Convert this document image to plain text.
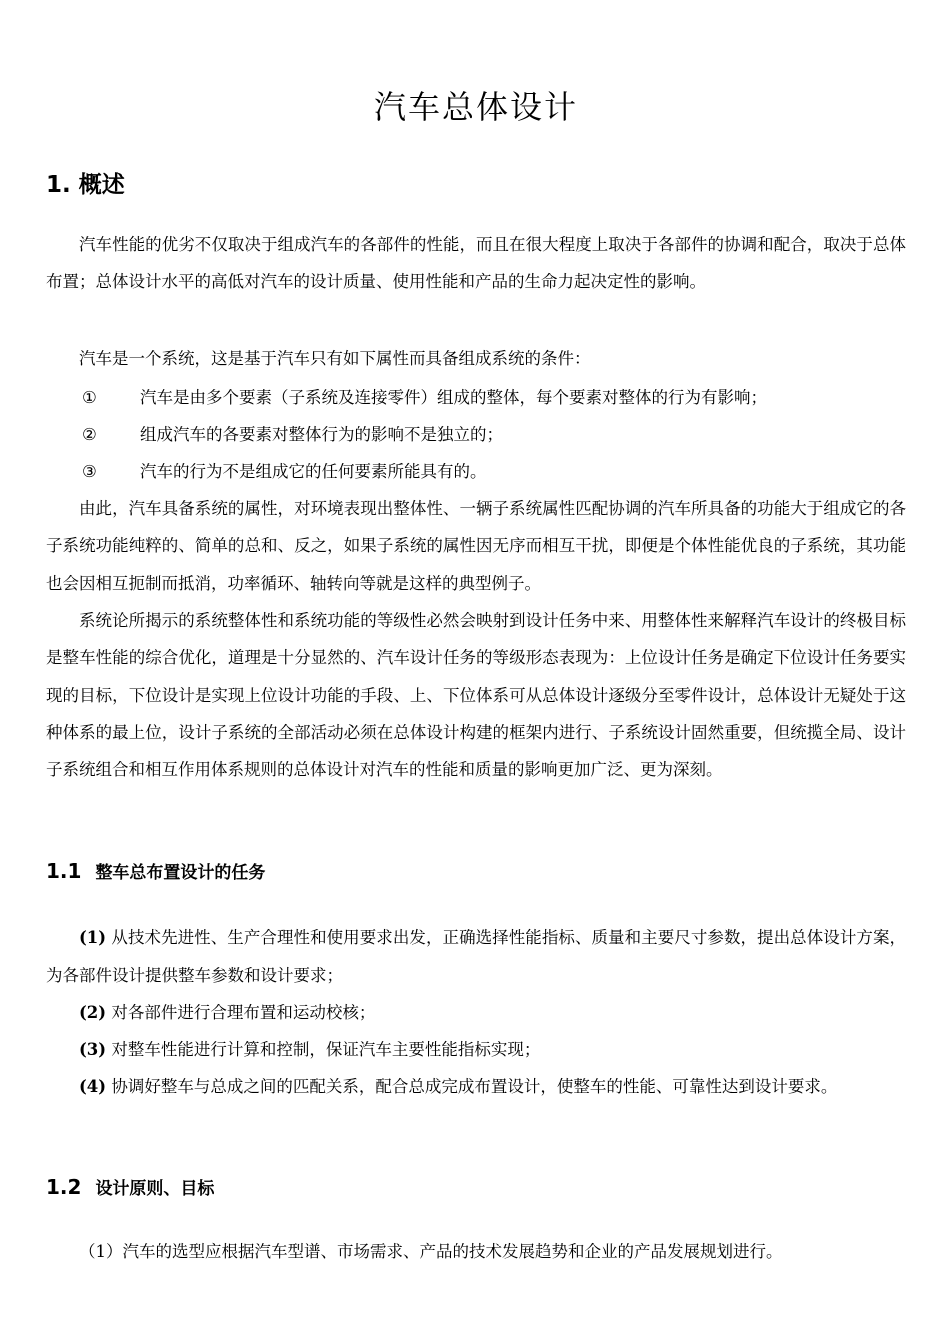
汽车总体设计
1. 概述
汽车性能的优劣不仅取决于组成汽车的各部件的性能，而且在很大程度上取决于各部件的协调和配合，取决于总体布置；总体设计水平的高低对汽车的设计质量、使用性能和产品的生命力起决定性的影响。
汽车是一个系统，这是基于汽车只有如下属性而具备组成系统的条件：
①	汽车是由多个要素（子系统及连接零件）组成的整体，每个要素对整体的行为有影响；
②	组成汽车的各要素对整体行为的影响不是独立的；
③	汽车的行为不是组成它的任何要素所能具有的。
由此，汽车具备系统的属性，对环境表现出整体性、一辆子系统属性匹配协调的汽车所具备的功能大于组成它的各子系统功能纯粹的、简单的总和、反之，如果子系统的属性因无序而相互干扰，即便是个体性能优良的子系统，其功能也会因相互扼制而抵消，功率循环、轴转向等就是这样的典型例子。
系统论所揭示的系统整体性和系统功能的等级性必然会映射到设计任务中来、用整体性来解释汽车设计的终极目标是整车性能的综合优化，道理是十分显然的、汽车设计任务的等级形态表现为：上位设计任务是确定下位设计任务要实现的目标，下位设计是实现上位设计功能的手段、上、下位体系可从总体设计逐级分至零件设计，总体设计无疑处于这种体系的最上位，设计子系统的全部活动必须在总体设计构建的框架内进行、子系统设计固然重要，但统揽全局、设计子系统组合和相互作用体系规则的总体设计对汽车的性能和质量的影响更加广泛、更为深刻。
1.1 整车总布置设计的任务
(1) 从技术先进性、生产合理性和使用要求出发，正确选择性能指标、质量和主要尺寸参数，提出总体设计方案，为各部件设计提供整车参数和设计要求；
(2) 对各部件进行合理布置和运动校核；
(3) 对整车性能进行计算和控制，保证汽车主要性能指标实现；
(4) 协调好整车与总成之间的匹配关系，配合总成完成布置设计，使整车的性能、可靠性达到设计要求。
1.2 设计原则、目标
（1）汽车的选型应根据汽车型谱、市场需求、产品的技术发展趋势和企业的产品发展规划进行。
